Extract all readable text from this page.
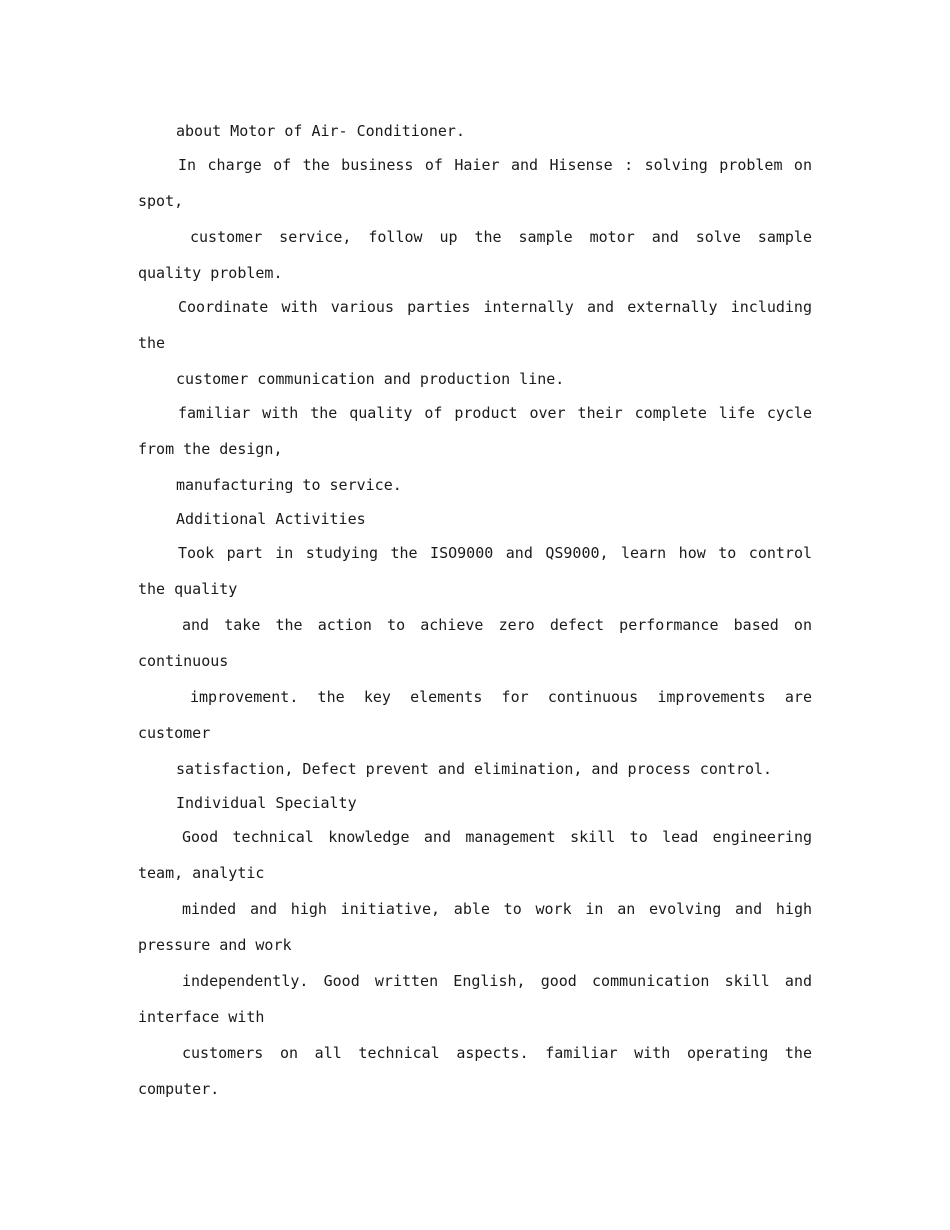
about Motor of Air- Conditioner.
In charge of the business of Haier and Hisense : solving problem on
spot,
customer service, follow up the sample motor and solve sample
quality problem.
Coordinate with various parties internally and externally including
the
customer communication and production line.
familiar with the quality of product over their complete life cycle
from the design,
manufacturing to service.
Additional Activities
Took part in studying the ISO9000 and QS9000, learn how to control
the quality
and take the action to achieve zero defect performance based on
continuous
improvement. the key elements for continuous improvements are
customer
satisfaction, Defect prevent and elimination, and process control.
Individual Specialty
Good technical knowledge and management skill to lead engineering
team, analytic
minded and high initiative, able to work in an evolving and high
pressure and work
independently. Good written English, good communication skill and
interface with
customers on all technical aspects. familiar with operating the
computer.
